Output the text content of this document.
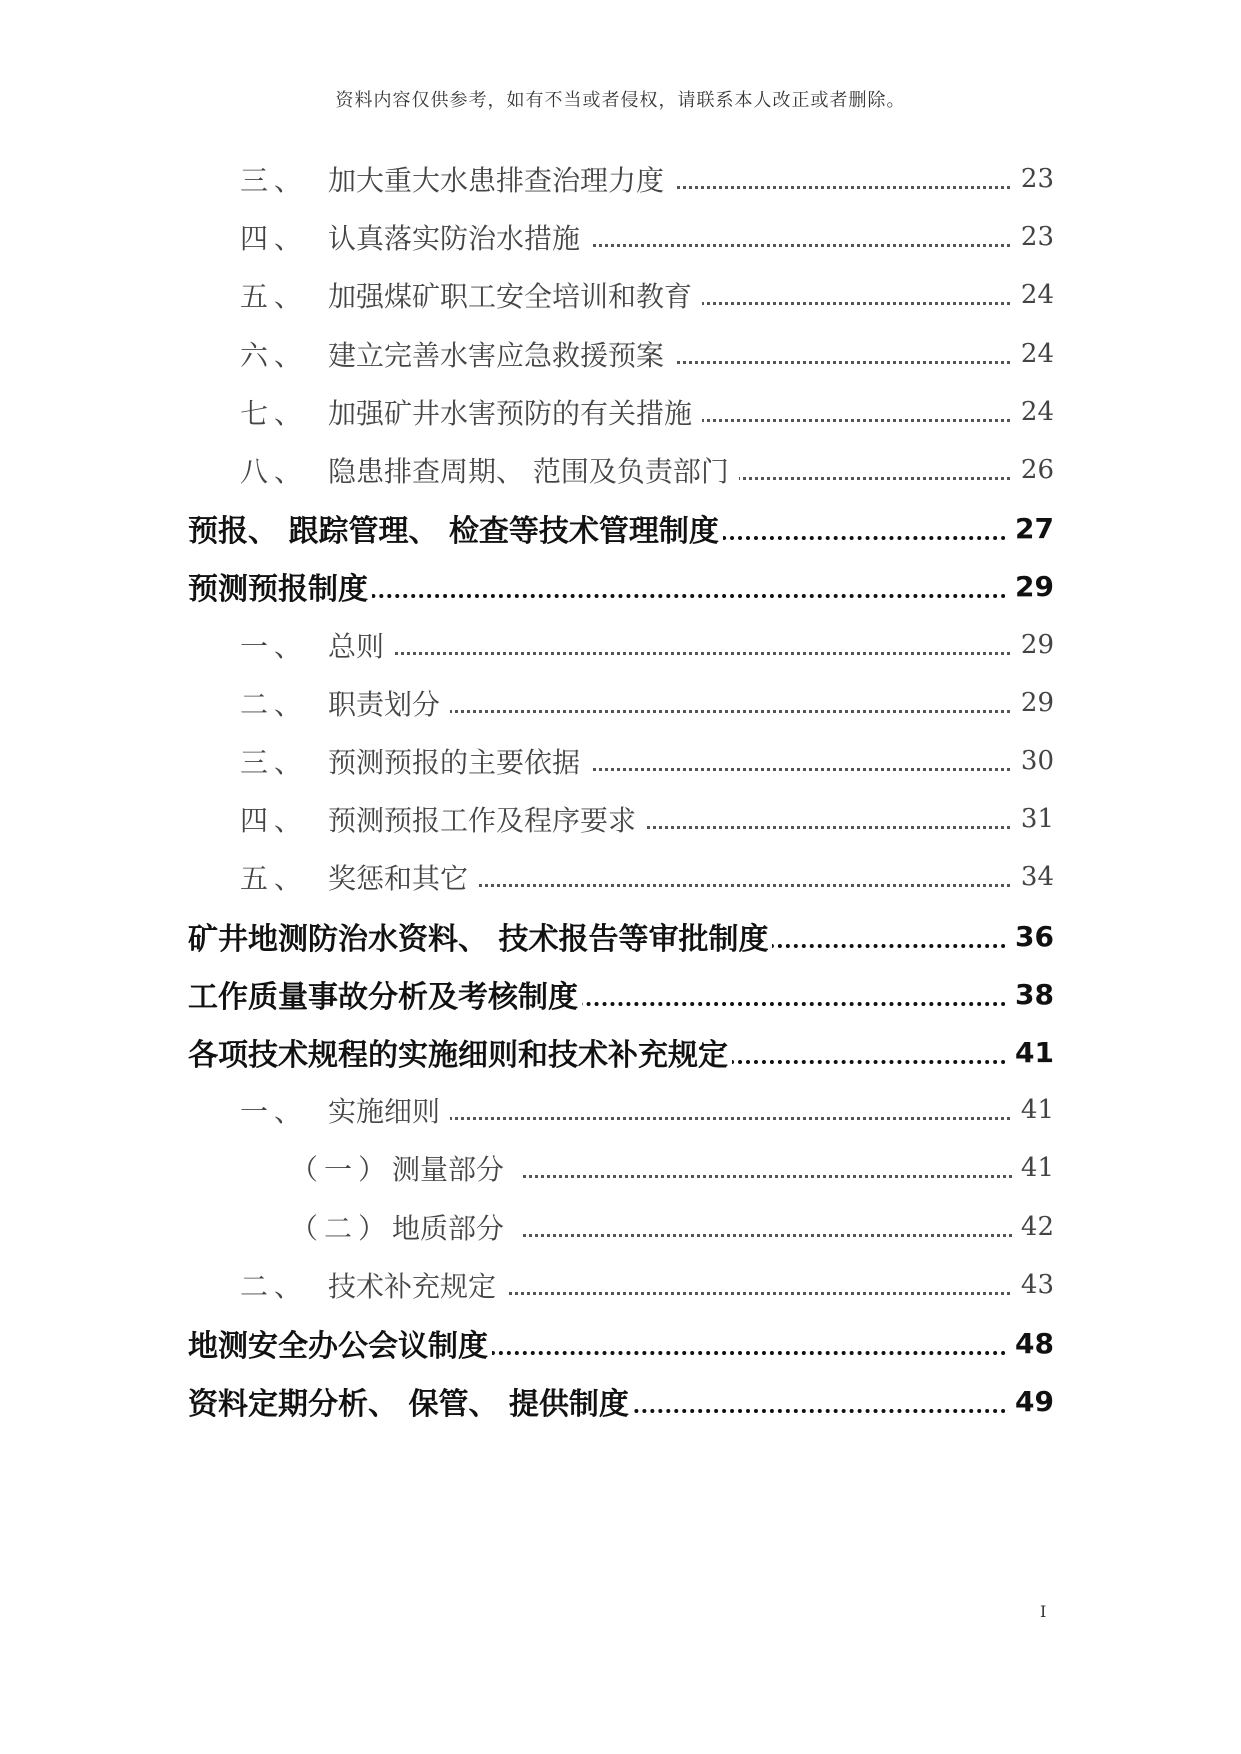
资料内容仅供参考，如有不当或者侵权，请联系本人改正或者删除。
三、 加大重大水患排查治理力度	23
四、 认真落实防治水措施	23
五、 加强煤矿职工安全培训和教育	24
六、 建立完善水害应急救援预案	24
七、 加强矿井水害预防的有关措施	24
八、 隐患排查周期、 范围及负责部门	26
预报、 跟踪管理、 检查等技术管理制度	27
预测预报制度	29
一、 总则	29
二、 职责划分	29
三、 预测预报的主要依据	30
四、 预测预报工作及程序要求	31
五、 奖惩和其它	34
矿井地测防治水资料、 技术报告等审批制度	36
工作质量事故分析及考核制度	38
各项技术规程的实施细则和技术补充规定	41
一、 实施细则	41
（一） 测量部分	41
（二） 地质部分	42
二、 技术补充规定	43
地测安全办公会议制度	48
资料定期分析、 保管、 提供制度	49
I
